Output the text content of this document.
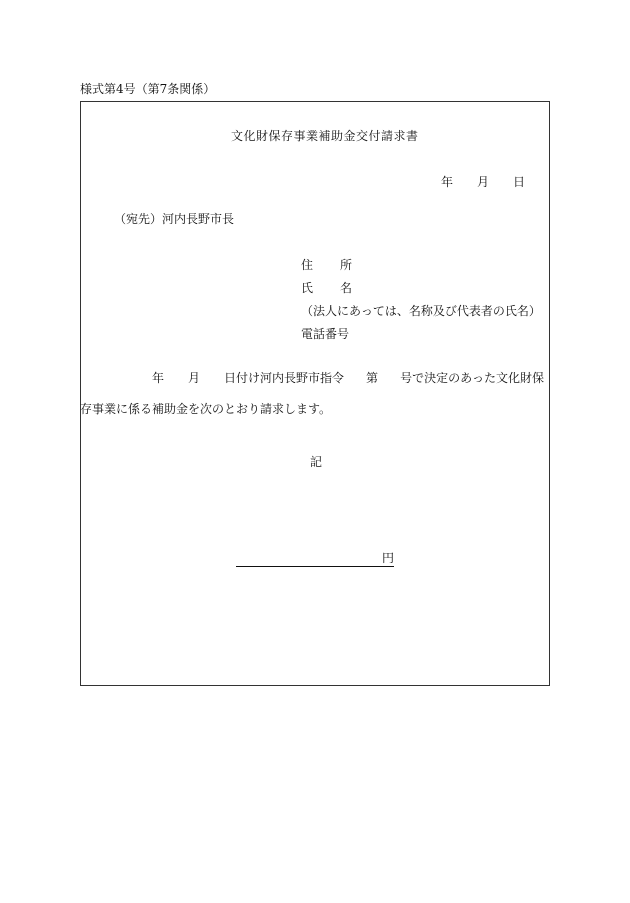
様式第4号（第7条関係）
文化財保存事業補助金交付請求書
年 月 日
（宛先）河内長野市長
住 所
氏 名
（法人にあっては、名称及び代表者の氏名）
電話番号
年 月 日付け河内長野市指令 第 号で決定のあった文化財保
存事業に係る補助金を次のとおり請求します。
記
円
